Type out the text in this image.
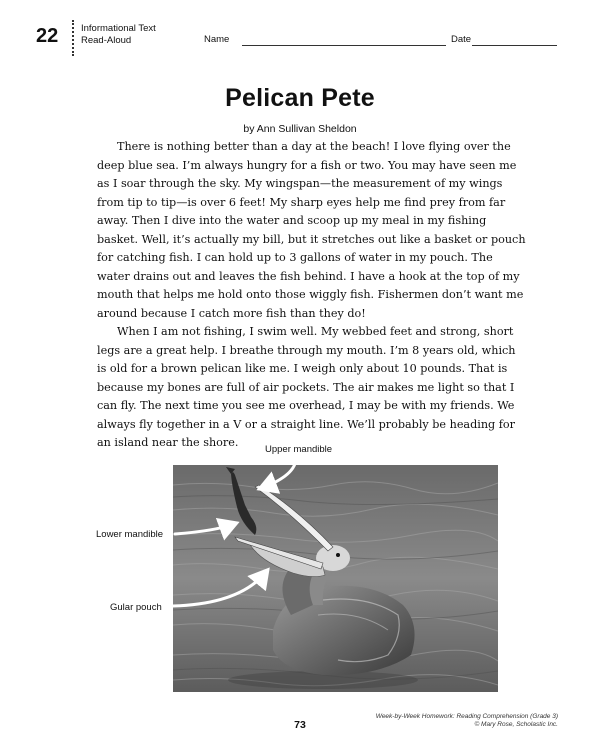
22 Informational Text
Read-Aloud	Name	Date
Pelican Pete
by Ann Sullivan Sheldon

There is nothing better than a day at the beach! I love flying over the deep blue sea. I’m always hungry for a fish or two. You may have seen me as I soar through the sky. My wingspan—the measurement of my wings from tip to tip—is over 6 feet! My sharp eyes help me find prey from far away. Then I dive into the water and scoop up my meal in my fishing basket. Well, it’s actually my bill, but it stretches out like a basket or pouch for catching fish. I can hold up to 3 gallons of water in my pouch. The water drains out and leaves the fish behind. I have a hook at the top of my mouth that helps me hold onto those wiggly fish. Fishermen don’t want me around because I catch more fish than they do!

When I am not fishing, I swim well. My webbed feet and strong, short legs are a great help. I breathe through my mouth. I’m 8 years old, which is old for a brown pelican like me. I weigh only about 10 pounds. That is because my bones are full of air pockets. The air makes me light so that I can fly. The next time you see me overhead, I may be with my friends. We always fly together in a V or a straight line. We’ll probably be heading for an island near the shore.

Upper mandible
Lower mandible
Gular pouch
73
Week-by-Week Homework: Reading Comprehension (Grade 3)
© Mary Rose, Scholastic Inc.
